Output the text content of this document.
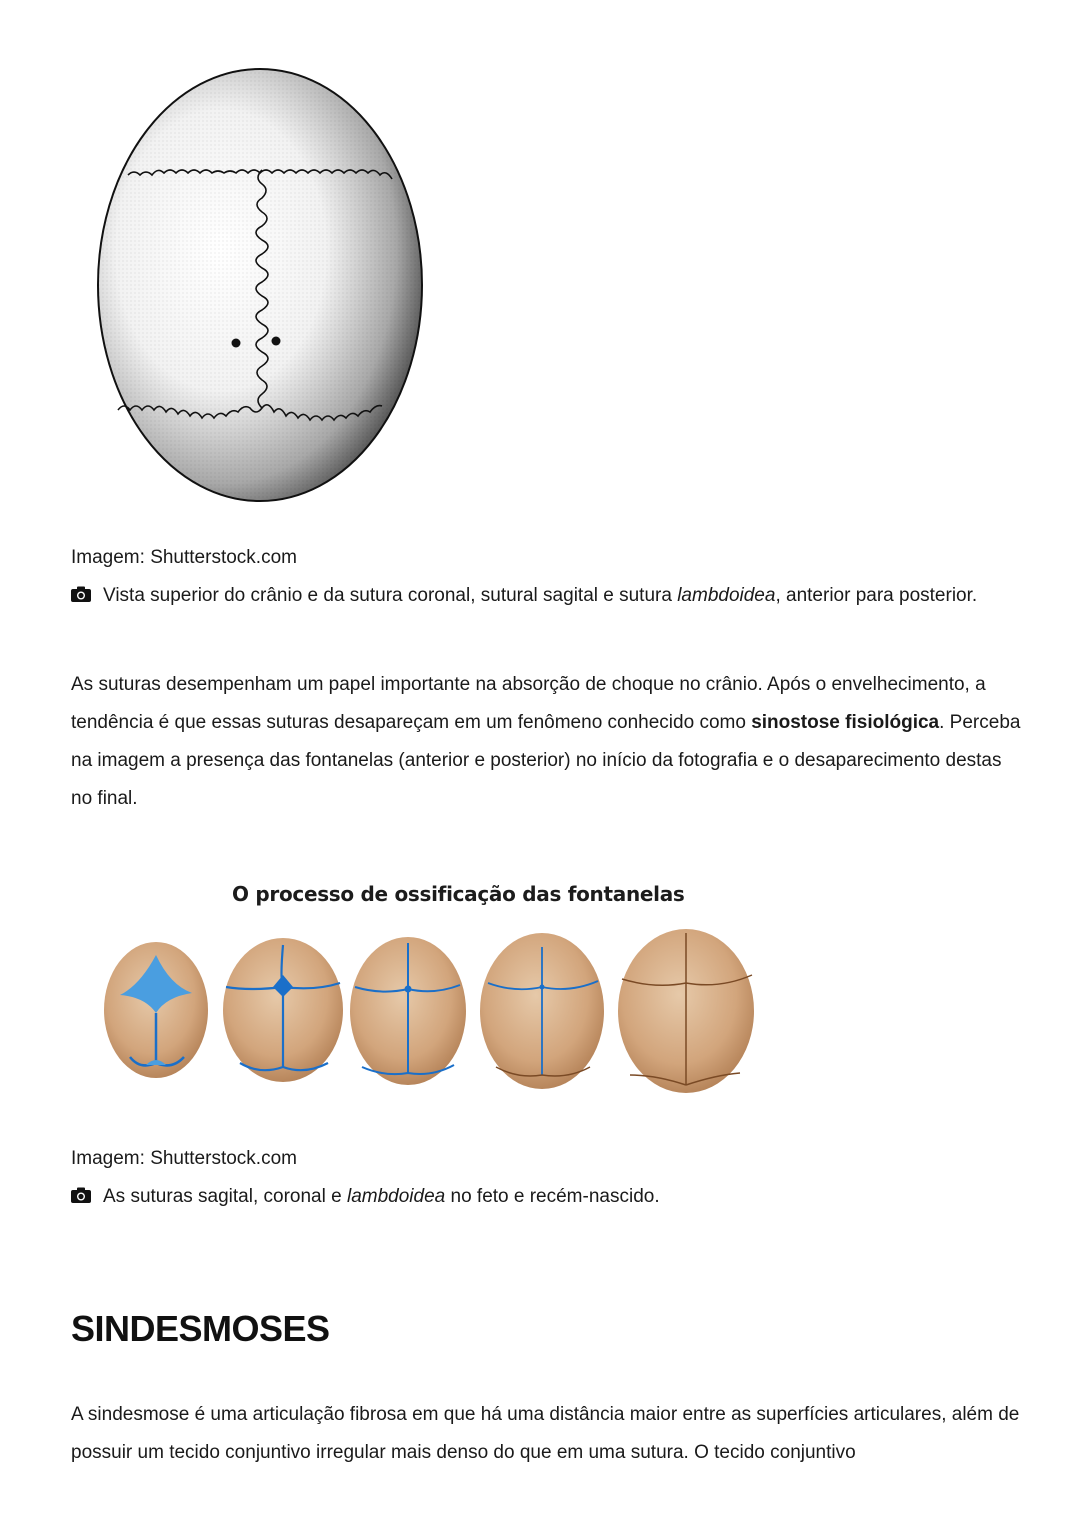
Imagem: Shutterstock.com
Vista superior do crânio e da sutura coronal, sutural sagital e sutura lambdoidea, anterior para posterior.
As suturas desempenham um papel importante na absorção de choque no crânio. Após o envelhecimento, a tendência é que essas suturas desapareçam em um fenômeno conhecido como sinostose fisiológica. Perceba na imagem a presença das fontanelas (anterior e posterior) no início da fotografia e o desaparecimento destas no final.
O processo de ossificação das fontanelas
Imagem: Shutterstock.com
As suturas sagital, coronal e lambdoidea no feto e recém-nascido.
SINDESMOSES
A sindesmose é uma articulação fibrosa em que há uma distância maior entre as superfícies articulares, além de possuir um tecido conjuntivo irregular mais denso do que em uma sutura. O tecido conjuntivo
